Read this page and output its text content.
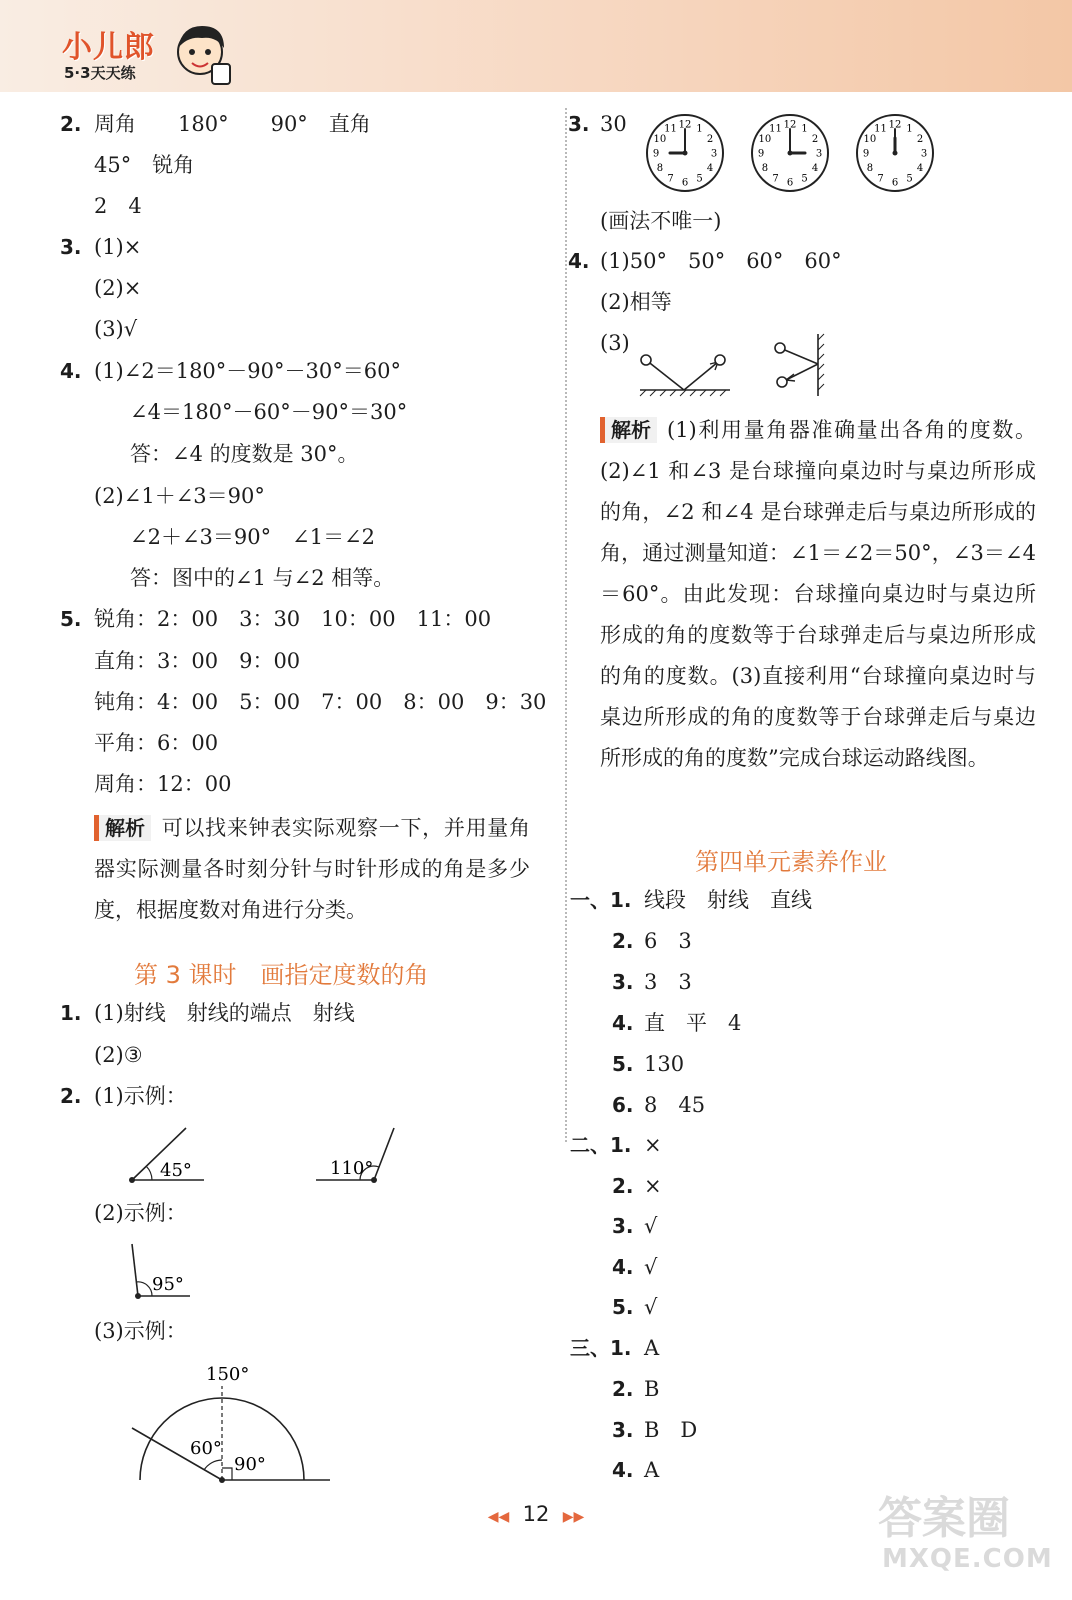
小儿郎
5·3天天练
2. 周角　　180°　　90°　直角
45°　锐角
2　4
3. (1)×
(2)×
(3)√
4. (1)∠2＝180°－90°－30°＝60°
∠4＝180°－60°－90°＝30°
答：∠4 的度数是 30°。
(2)∠1＋∠3＝90°
∠2＋∠3＝90°　∠1＝∠2
答：图中的∠1 与∠2 相等。
5. 锐角：2：00　3：30　10：00　11：00
直角：3：00　9：00
钝角：4：00　5：00　7：00　8：00　9：30
平角：6：00
周角：12：00
解析 可以找来钟表实际观察一下，并用量角器实际测量各时刻分针与时针形成的角是多少度，根据度数对角进行分类。
第 3 课时　画指定度数的角
1. (1)射线　射线的端点　射线
(2)③
2. (1)示例：
45°	110°
(2)示例：
95°
(3)示例：
150°
60°
90°
3. 30	12 1
2
3
4
5
6
7
8
9
10
11	12 1
2
3
4
5
6
7
8
9
10
11	12 1
2
3
4
5
6
7
8
9
10
11
(画法不唯一)
4. (1)50°　50°　60°　60°
(2)相等
(3)
解析 (1)利用量角器准确量出各角的度数。(2)∠1 和∠3 是台球撞向桌边时与桌边所形成的角，∠2 和∠4 是台球弹走后与桌边所形成的角，通过测量知道：∠1＝∠2＝50°，∠3＝∠4＝60°。由此发现：台球撞向桌边时与桌边所形成的角的度数等于台球弹走后与桌边所形成的角的度数。(3)直接利用“台球撞向桌边时与桌边所形成的角的度数等于台球弹走后与桌边所形成的角的度数”完成台球运动路线图。
第四单元素养作业
一、1. 线段　射线　直线
2. 6　3
3. 3　3
4. 直　平　4
5. 130
6. 8　45
二、1. ×
2. ×
3. √
4. √
5. √
三、1. A
2. B
3. B　D
4. A
◀◀ 12 ▶▶	答案圈
MXQE.COM
